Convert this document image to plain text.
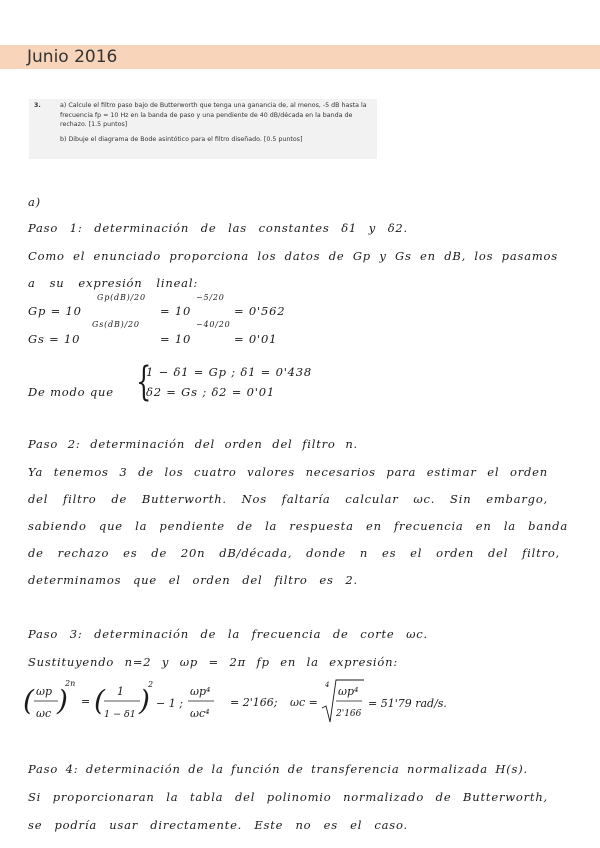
Junio 2016
3.	a) Calcule el filtro paso bajo de Butterworth que tenga una ganancia de, al menos, -5 dB hasta la frecuencia fp = 10 Hz en la banda de paso y una pendiente de 40 dB/década en la banda de rechazo. [1.5 puntos]
b) Dibuje el diagrama de Bode asintótico para el filtro diseñado. [0.5 puntos]
a)
Paso 1: determinación de las constantes δ1 y δ2.
Como el enunciado proporciona los datos de Gp y Gs en dB, los pasamos
a su expresión lineal:
Gp = 10
Gp(dB)/20
= 10
−5/20
= 0'562
Gs = 10
Gs(dB)/20
= 10
−40/20
= 0'01
De modo que {
1 − δ1 = Gp ; δ1 = 0'438
δ2 = Gs ; δ2 = 0'01
Paso 2: determinación del orden del filtro n.
Ya tenemos 3 de los cuatro valores necesarios para estimar el orden
del filtro de Butterworth. Nos faltaría calcular ωc. Sin embargo,
sabiendo que la pendiente de la respuesta en frecuencia en la banda
de rechazo es de 20n dB/década, donde n es el orden del filtro,
determinamos que el orden del filtro es 2.
Paso 3: determinación de la frecuencia de corte ωc.
Sustituyendo n=2 y ωp = 2π fp en la expresión:
( ωp
ωc )
2n
= ( 1
1 − δ1 )
2
− 1 ;
ωp⁴
ωc⁴
= 2'166; ωc =
4 ωp⁴
2'166
= 51'79 rad/s.
Paso 4: determinación de la función de transferencia normalizada H(s).
Si proporcionaran la tabla del polinomio normalizado de Butterworth,
se podría usar directamente. Este no es el caso.
